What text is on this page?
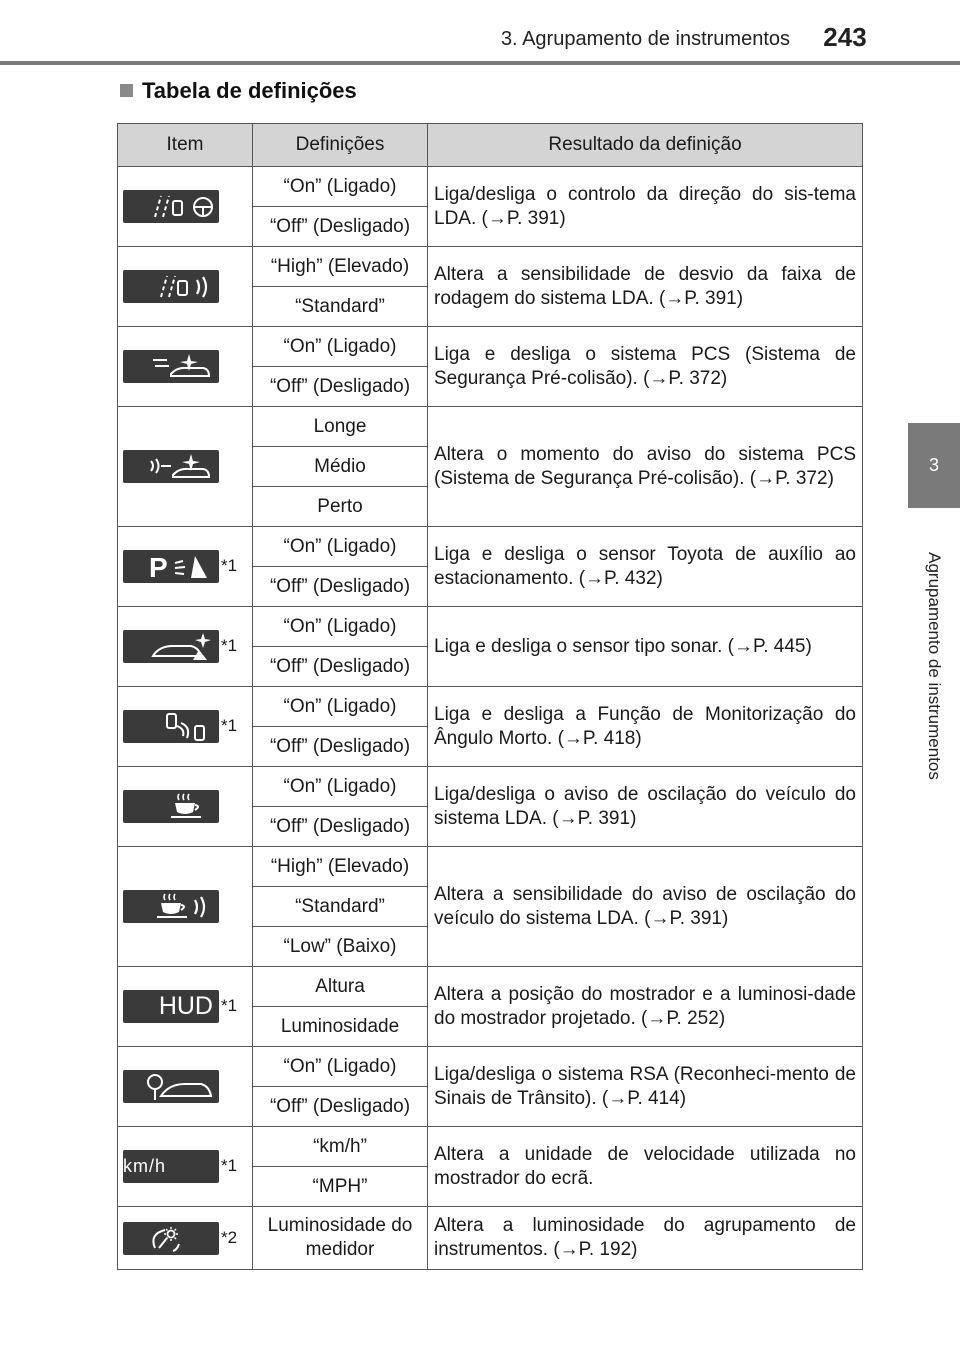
3. Agrupamento de instrumentos	243
3
Agrupamento de instrumentos
Tabela de definições
Item	Definições	Resultado da definição

	“On” (Ligado)	Liga/desliga o controlo da direção do sis-tema LDA. (→P. 391)
	“Off” (Desligado)	

	“High” (Elevado)	Altera a sensibilidade de desvio da faixa de rodagem do sistema LDA. (→P. 391)
	“Standard”	

	“On” (Ligado)	Liga e desliga o sistema PCS (Sistema de Segurança Pré-colisão). (→P. 372)
	“Off” (Desligado)	

	Longe	Altera o momento do aviso do sistema PCS (Sistema de Segurança Pré-colisão). (→P. 372)
	Médio	
	Perto	

P *1	“On” (Ligado)	Liga e desliga o sensor Toyota de auxílio ao estacionamento. (→P. 432)
	“Off” (Desligado)	

*1	“On” (Ligado)	Liga e desliga o sensor tipo sonar. (→P. 445)
	“Off” (Desligado)	

*1	“On” (Ligado)	Liga e desliga a Função de Monitorização do Ângulo Morto. (→P. 418)
	“Off” (Desligado)	

	“On” (Ligado)	Liga/desliga o aviso de oscilação do veículo do sistema LDA. (→P. 391)
	“Off” (Desligado)	

	“High” (Elevado)	Altera a sensibilidade do aviso de oscilação do veículo do sistema LDA. (→P. 391)
	“Standard”	
	“Low” (Baixo)	

HUD *1	Altura	Altera a posição do mostrador e a luminosi-dade do mostrador projetado. (→P. 252)
	Luminosidade	

	“On” (Ligado)	Liga/desliga o sistema RSA (Reconheci-mento de Sinais de Trânsito). (→P. 414)
	“Off” (Desligado)	

km/h MPH
*1	“km/h”	Altera a unidade de velocidade utilizada no mostrador do ecrã.
	“MPH”	

*2	Luminosidade do medidor	Altera a luminosidade do agrupamento de instrumentos. (→P. 192)
